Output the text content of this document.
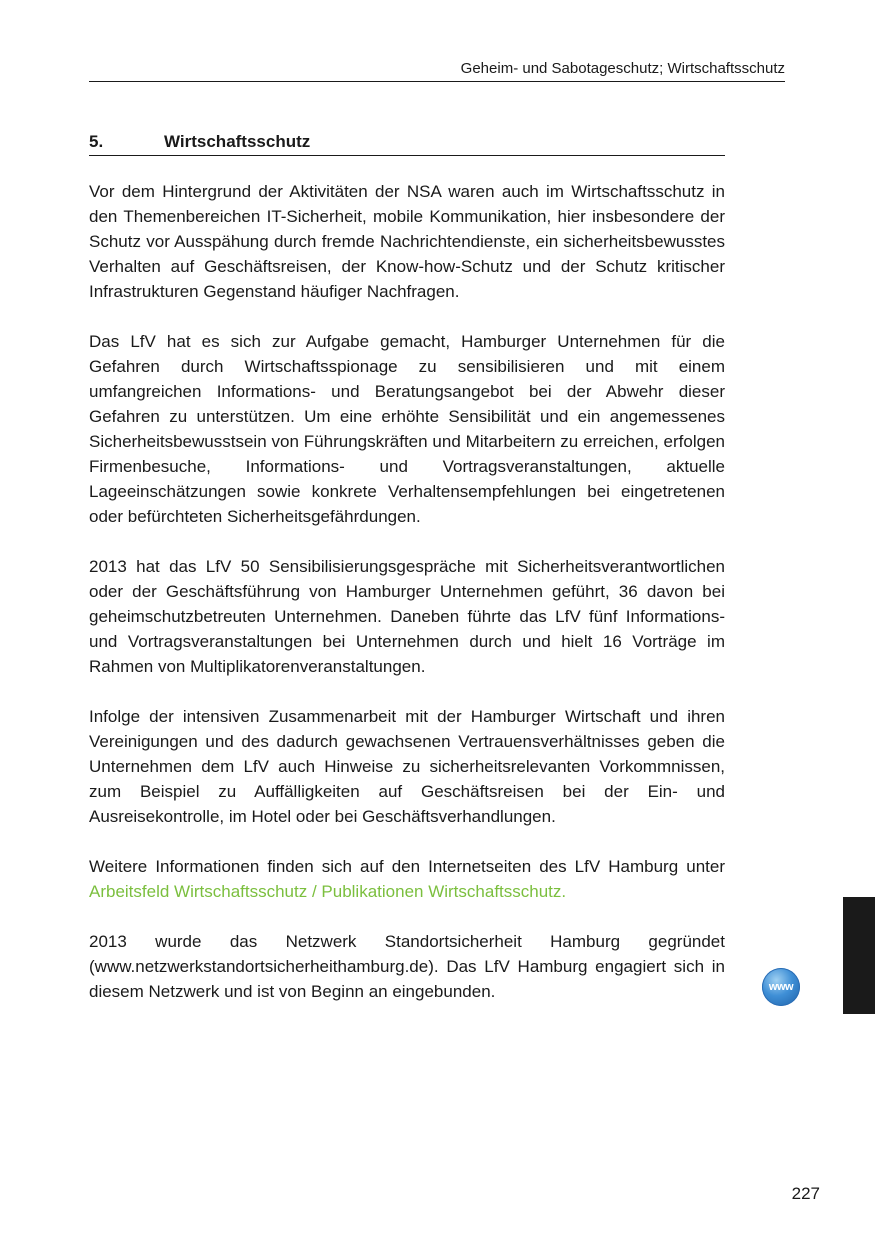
Geheim- und Sabotageschutz; Wirtschaftsschutz
5.	Wirtschaftsschutz

Vor dem Hintergrund der Aktivitäten der NSA waren auch im Wirtschaftsschutz in den Themenbereichen IT-Sicherheit, mobile Kommunikation, hier insbesondere der Schutz vor Ausspähung durch fremde Nachrichtendienste, ein sicherheitsbewusstes Verhalten auf Geschäftsreisen, der Know-how-Schutz und der Schutz kritischer Infrastrukturen Gegenstand häufiger Nachfragen.

Das LfV hat es sich zur Aufgabe gemacht, Hamburger Unternehmen für die Gefahren durch Wirtschaftsspionage zu sensibilisieren und mit einem umfangreichen Informations- und Beratungsangebot bei der Abwehr dieser Gefahren zu unterstützen. Um eine erhöhte Sensibilität und ein angemessenes Sicherheitsbewusstsein von Führungskräften und Mitarbeitern zu erreichen, erfolgen Firmenbesuche, Informations- und Vortragsveranstaltungen, aktuelle Lageeinschätzungen sowie konkrete Verhaltensempfehlungen bei eingetretenen oder befürchteten Sicherheitsgefährdungen.

2013 hat das LfV 50 Sensibilisierungsgespräche mit Sicherheitsverantwortlichen oder der Geschäftsführung von Hamburger Unternehmen geführt, 36 davon bei geheimschutzbetreuten Unternehmen. Daneben führte das LfV fünf Informations- und Vortragsveranstaltungen bei Unternehmen durch und hielt 16 Vorträge im Rahmen von Multiplikatorenveranstaltungen.

Infolge der intensiven Zusammenarbeit mit der Hamburger Wirtschaft und ihren Vereinigungen und des dadurch gewachsenen Vertrauensverhältnisses geben die Unternehmen dem LfV auch Hinweise zu sicherheitsrelevanten Vorkommnissen, zum Beispiel zu Auffälligkeiten auf Geschäftsreisen bei der Ein- und Ausreisekontrolle, im Hotel oder bei Geschäftsverhandlungen.

Weitere Informationen finden sich auf den Internetseiten des LfV Hamburg unter Arbeitsfeld Wirtschaftsschutz / Publikationen Wirtschaftsschutz.

2013 wurde das Netzwerk Standortsicherheit Hamburg gegründet (www.netzwerkstandortsicherheithamburg.de). Das LfV Hamburg engagiert sich in diesem Netzwerk und ist von Beginn an eingebunden.	www
227
